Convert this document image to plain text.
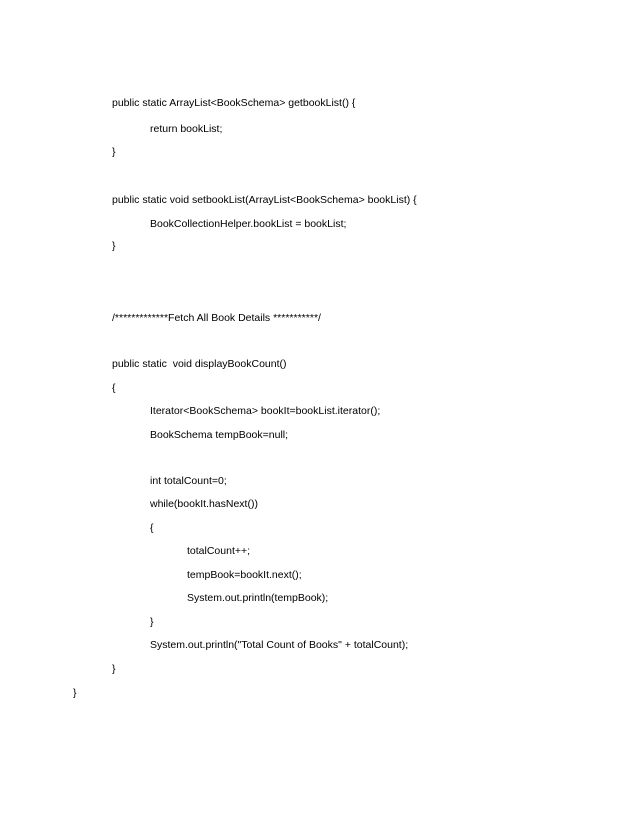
public static ArrayList<BookSchema> getbookList() {
return bookList;
}
public static void setbookList(ArrayList<BookSchema> bookList) {
BookCollectionHelper.bookList = bookList;
}
/*************Fetch All Book Details ***********/
public static  void displayBookCount()
{
Iterator<BookSchema> bookIt=bookList.iterator();
BookSchema tempBook=null;
int totalCount=0;
while(bookIt.hasNext())
{
totalCount++;
tempBook=bookIt.next();
System.out.println(tempBook);
}
System.out.println("Total Count of Books" + totalCount);
}
}
